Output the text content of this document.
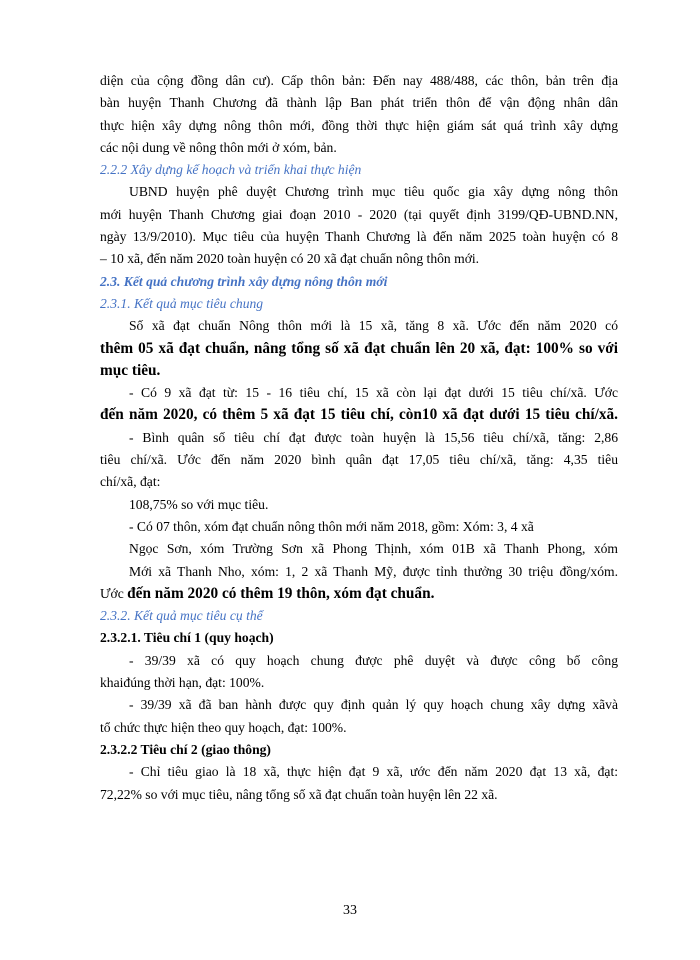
diện của cộng đồng dân cư). Cấp thôn bản: Đến nay 488/488, các thôn, bản trên địa
bàn huyện Thanh Chương đã thành lập Ban phát triển thôn để vận động nhân dân
thực hiện xây dựng nông thôn mới, đồng thời thực hiện giám sát quá trình xây dựng
các nội dung về nông thôn mới ở xóm, bản.
2.2.2 Xây dựng kế hoạch và triển khai thực hiện
UBND huyện phê duyệt Chương trình mục tiêu quốc gia xây dựng nông thôn
mới huyện Thanh Chương giai đoạn 2010 - 2020 (tại quyết định 3199/QĐ-UBND.NN,
ngày 13/9/2010). Mục tiêu của huyện Thanh Chương là đến năm 2025 toàn huyện có 8
– 10 xã, đến năm 2020 toàn huyện có 20 xã đạt chuẩn nông thôn mới.
2.3. Kết quả chương trình xây dựng nông thôn mới
2.3.1. Kết quả mục tiêu chung
Số xã đạt chuẩn Nông thôn mới là 15 xã, tăng 8 xã. Ước đến năm 2020 có
thêm 05 xã đạt chuẩn, nâng tổng số xã đạt chuẩn lên 20 xã, đạt: 100% so với
mục tiêu.
- Có 9 xã đạt từ: 15 - 16 tiêu chí, 15 xã còn lại đạt dưới 15 tiêu chí/xã. Ước
đến năm 2020, có thêm 5 xã đạt 15 tiêu chí, còn10 xã đạt dưới 15 tiêu chí/xã.
- Bình quân số tiêu chí đạt được toàn huyện là 15,56 tiêu chí/xã, tăng: 2,86
tiêu chí/xã. Ước đến năm 2020 bình quân đạt 17,05 tiêu chí/xã, tăng: 4,35 tiêu
chí/xã, đạt:
108,75% so với mục tiêu.
- Có 07 thôn, xóm đạt chuẩn nông thôn mới năm 2018, gồm: Xóm: 3, 4 xã
Ngọc Sơn, xóm Trường Sơn xã Phong Thịnh, xóm 01B xã Thanh Phong, xóm
Mới xã Thanh Nho, xóm: 1, 2 xã Thanh Mỹ, được tỉnh thưởng 30 triệu đồng/xóm.
Ước đến năm 2020 có thêm 19 thôn, xóm đạt chuẩn.
2.3.2. Kết quả mục tiêu cụ thể
2.3.2.1. Tiêu chí 1 (quy hoạch)
- 39/39 xã có quy hoạch chung được phê duyệt và được công bố công
khaiđúng thời hạn, đạt: 100%.
- 39/39 xã đã ban hành được quy định quản lý quy hoạch chung xây dựng xãvà
tổ chức thực hiện theo quy hoạch, đạt: 100%.
2.3.2.2 Tiêu chí 2 (giao thông)
- Chỉ tiêu giao là 18 xã, thực hiện đạt 9 xã, ước đến năm 2020 đạt 13 xã, đạt:
72,22% so với mục tiêu, nâng tổng số xã đạt chuẩn toàn huyện lên 22 xã.
33
